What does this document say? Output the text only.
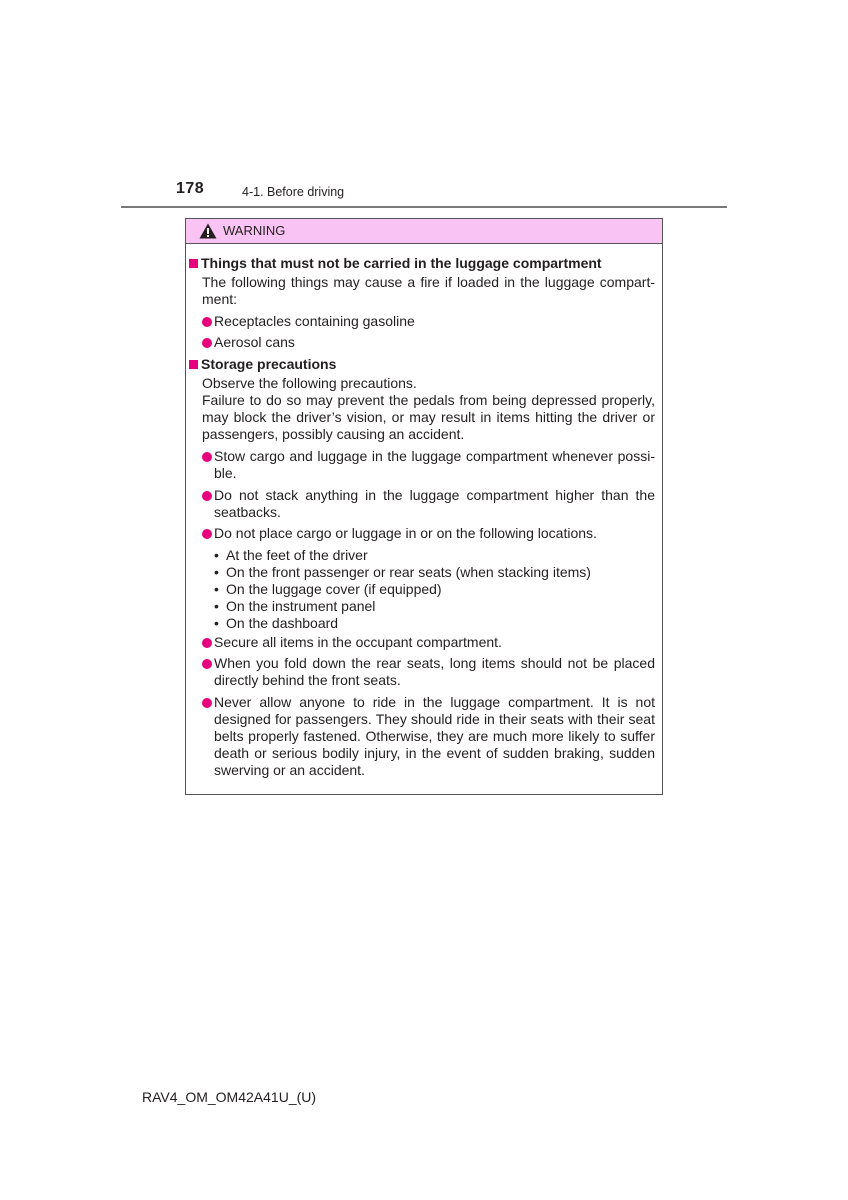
178	4-1. Before driving
WARNING
Things that must not be carried in the luggage compartment
The following things may cause a fire if loaded in the luggage compart-
ment:
Receptacles containing gasoline
Aerosol cans
Storage precautions
Observe the following precautions.
Failure to do so may prevent the pedals from being depressed properly,
may block the driver’s vision, or may result in items hitting the driver or
passengers, possibly causing an accident.
Stow cargo and luggage in the luggage compartment whenever possi-
ble.
Do not stack anything in the luggage compartment higher than the
seatbacks.
Do not place cargo or luggage in or on the following locations.
• At the feet of the driver
• On the front passenger or rear seats (when stacking items)
• On the luggage cover (if equipped)
• On the instrument panel
• On the dashboard
Secure all items in the occupant compartment.
When you fold down the rear seats, long items should not be placed
directly behind the front seats.
Never allow anyone to ride in the luggage compartment. It is not
designed for passengers. They should ride in their seats with their seat
belts properly fastened. Otherwise, they are much more likely to suffer
death or serious bodily injury, in the event of sudden braking, sudden
swerving or an accident.
RAV4_OM_OM42A41U_(U)
